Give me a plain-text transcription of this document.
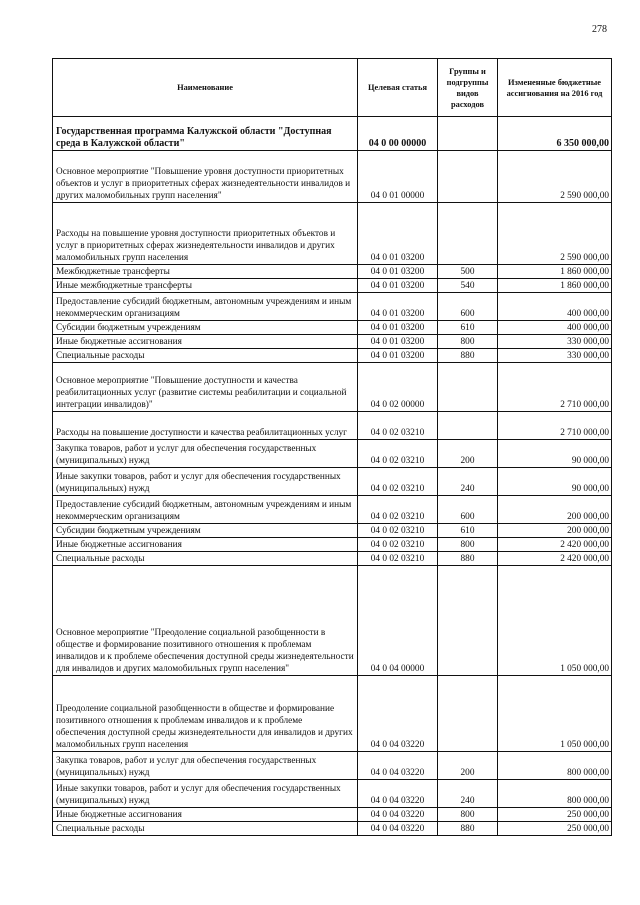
278
Наименование	Целевая статья	Группы и подгруппы видов расходов	Измененные бюджетные ассигнования на 2016 год
Государственная программа Калужской области "Доступная среда в Калужской области"	04 0 00 00000		6 350 000,00
Основное мероприятие "Повышение уровня доступности приоритетных объектов и услуг в приоритетных сферах жизнедеятельности инвалидов и других маломобильных групп населения"	04 0 01 00000		2 590 000,00
Расходы на повышение уровня доступности приоритетных объектов и услуг в приоритетных сферах жизнедеятельности инвалидов и других маломобильных групп населения	04 0 01 03200		2 590 000,00
Межбюджетные трансферты	04 0 01 03200	500	1 860 000,00
Иные межбюджетные трансферты	04 0 01 03200	540	1 860 000,00
Предоставление субсидий бюджетным, автономным учреждениям и иным некоммерческим организациям	04 0 01 03200	600	400 000,00
Субсидии бюджетным учреждениям	04 0 01 03200	610	400 000,00
Иные бюджетные ассигнования	04 0 01 03200	800	330 000,00
Специальные расходы	04 0 01 03200	880	330 000,00
Основное мероприятие "Повышение доступности и качества реабилитационных услуг (развитие системы реабилитации и социальной интеграции инвалидов)"	04 0 02 00000		2 710 000,00
Расходы на повышение доступности и качества реабилитационных услуг	04 0 02 03210		2 710 000,00
Закупка товаров, работ и услуг для обеспечения государственных (муниципальных) нужд	04 0 02 03210	200	90 000,00
Иные закупки товаров, работ и услуг для обеспечения государственных (муниципальных) нужд	04 0 02 03210	240	90 000,00
Предоставление субсидий бюджетным, автономным учреждениям и иным некоммерческим организациям	04 0 02 03210	600	200 000,00
Субсидии бюджетным учреждениям	04 0 02 03210	610	200 000,00
Иные бюджетные ассигнования	04 0 02 03210	800	2 420 000,00
Специальные расходы	04 0 02 03210	880	2 420 000,00
Основное мероприятие "Преодоление социальной разобщенности в обществе и формирование позитивного отношения к проблемам инвалидов и к проблеме обеспечения доступной среды жизнедеятельности для инвалидов и других маломобильных групп населения"	04 0 04 00000		1 050 000,00
Преодоление социальной разобщенности в обществе и формирование позитивного отношения к проблемам инвалидов и к проблеме обеспечения доступной среды жизнедеятельности для инвалидов и других маломобильных групп населения	04 0 04 03220		1 050 000,00
Закупка товаров, работ и услуг для обеспечения государственных (муниципальных) нужд	04 0 04 03220	200	800 000,00
Иные закупки товаров, работ и услуг для обеспечения государственных (муниципальных) нужд	04 0 04 03220	240	800 000,00
Иные бюджетные ассигнования	04 0 04 03220	800	250 000,00
Специальные расходы	04 0 04 03220	880	250 000,00
